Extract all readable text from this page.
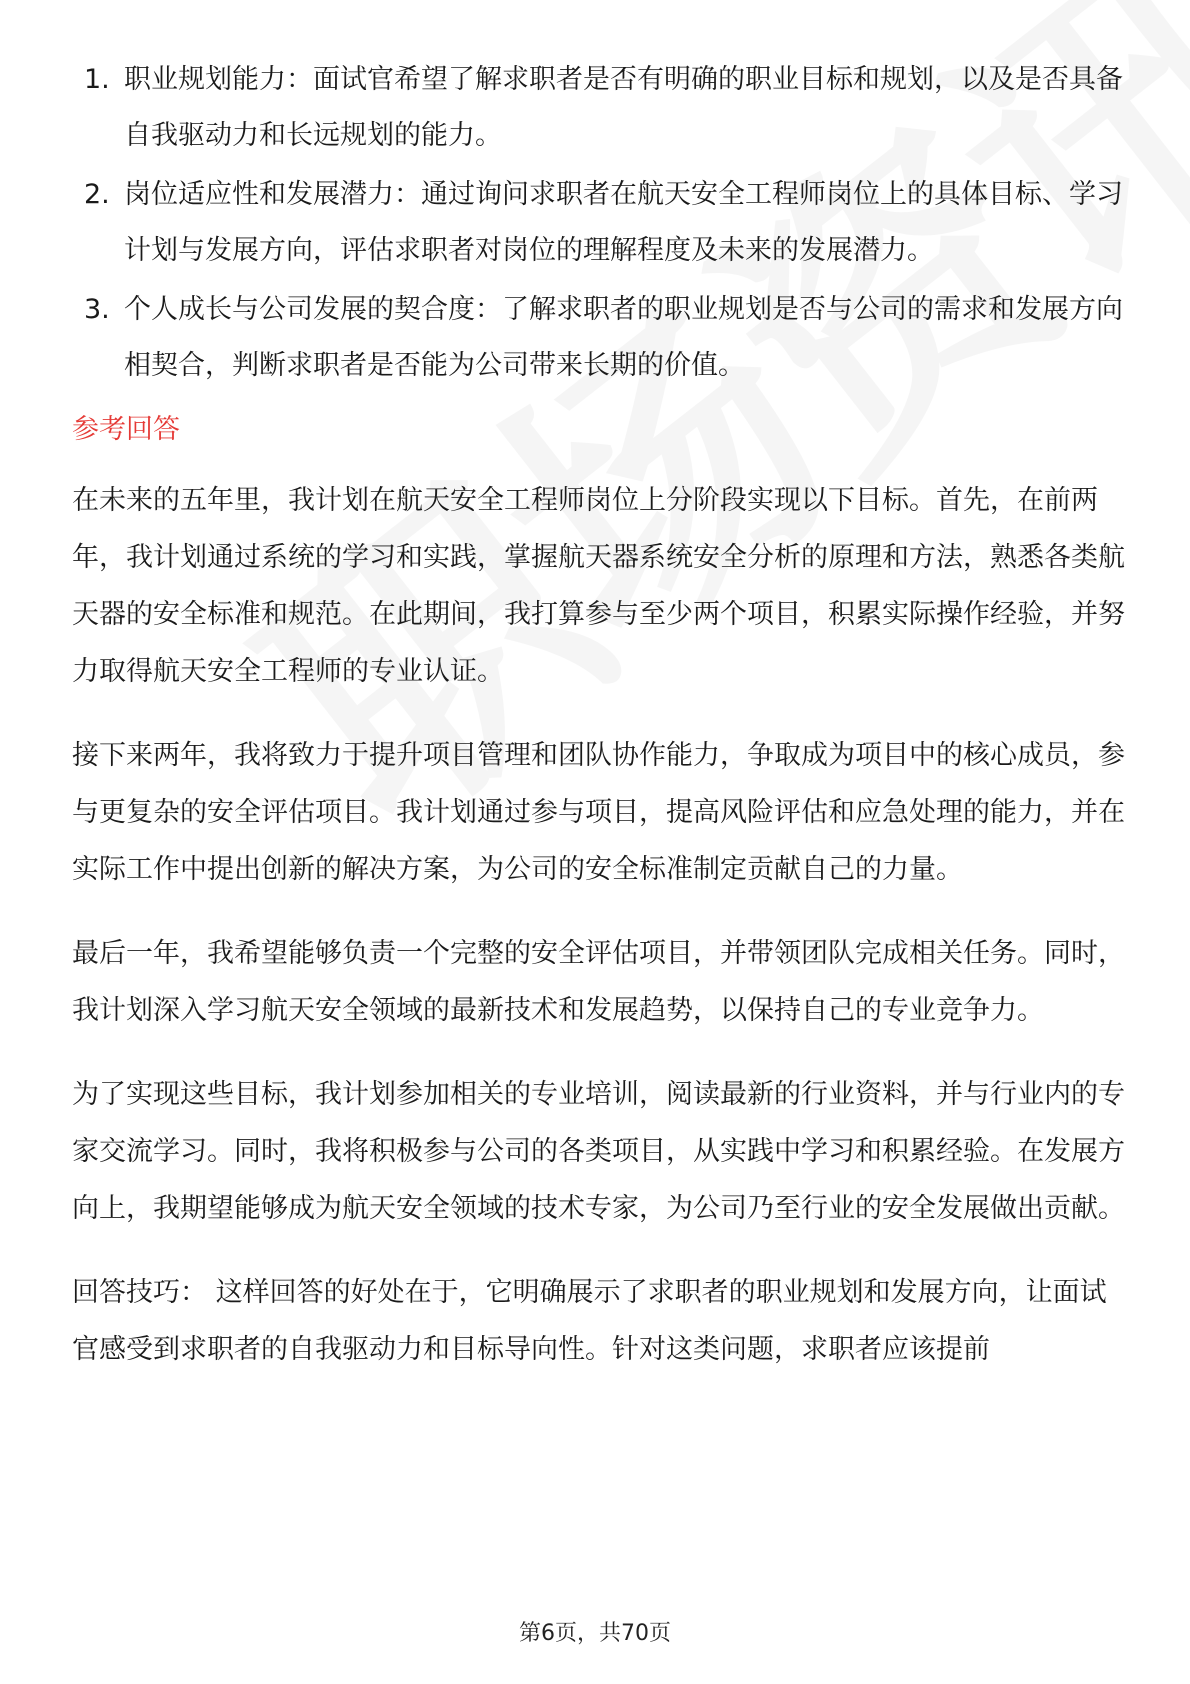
1. 职业规划能力：面试官希望了解求职者是否有明确的职业目标和规划，以及是否具备自我驱动力和长远规划的能力。
2. 岗位适应性和发展潜力：通过询问求职者在航天安全工程师岗位上的具体目标、学习计划与发展方向，评估求职者对岗位的理解程度及未来的发展潜力。
3. 个人成长与公司发展的契合度：了解求职者的职业规划是否与公司的需求和发展方向相契合，判断求职者是否能为公司带来长期的价值。
参考回答

在未来的五年里，我计划在航天安全工程师岗位上分阶段实现以下目标。首先，在前两年，我计划通过系统的学习和实践，掌握航天器系统安全分析的原理和方法，熟悉各类航天器的安全标准和规范。在此期间，我打算参与至少两个项目，积累实际操作经验，并努力取得航天安全工程师的专业认证。

接下来两年，我将致力于提升项目管理和团队协作能力，争取成为项目中的核心成员，参与更复杂的安全评估项目。我计划通过参与项目，提高风险评估和应急处理的能力，并在实际工作中提出创新的解决方案，为公司的安全标准制定贡献自己的力量。

最后一年，我希望能够负责一个完整的安全评估项目，并带领团队完成相关任务。同时，我计划深入学习航天安全领域的最新技术和发展趋势，以保持自己的专业竞争力。

为了实现这些目标，我计划参加相关的专业培训，阅读最新的行业资料，并与行业内的专家交流学习。同时，我将积极参与公司的各类项目，从实践中学习和积累经验。在发展方向上，我期望能够成为航天安全领域的技术专家，为公司乃至行业的安全发展做出贡献。

回答技巧： 这样回答的好处在于，它明确展示了求职者的职业规划和发展方向，让面试官感受到求职者的自我驱动力和目标导向性。针对这类问题，求职者应该提前

第6页，共70页
